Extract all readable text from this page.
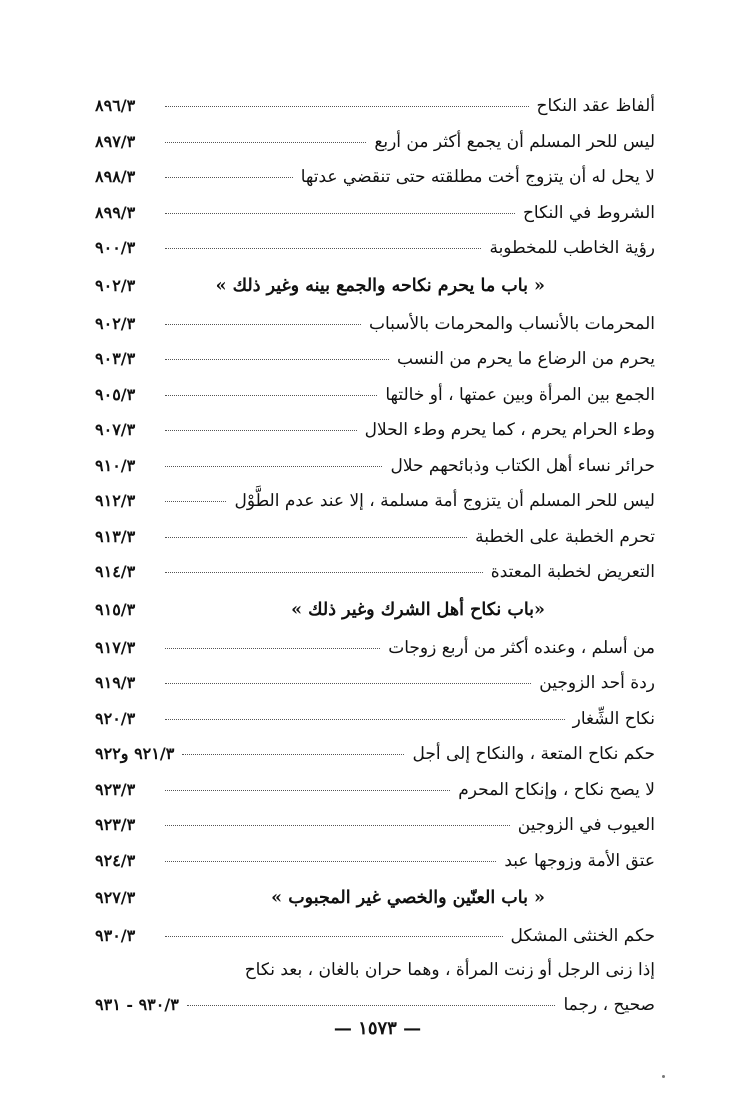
ألفاظ عقد النكاح
٨٩٦/٣
ليس للحر المسلم أن يجمع أكثر من أربع
٨٩٧/٣
لا يحل له أن يتزوج أخت مطلقته حتى تنقضي عدتها
٨٩٨/٣
الشروط في النكاح
٨٩٩/٣
رؤية الخاطب للمخطوبة
٩٠٠/٣
« باب ما يحرم نكاحه والجمع بينه وغير ذلك »
٩٠٢/٣
المحرمات بالأنساب والمحرمات بالأسباب
٩٠٢/٣
يحرم من الرضاع ما يحرم من النسب
٩٠٣/٣
الجمع بين المرأة وبين عمتها ، أو خالتها
٩٠٥/٣
وطء الحرام يحرم ، كما يحرم وطء الحلال
٩٠٧/٣
حرائر نساء أهل الكتاب وذبائحهم حلال
٩١٠/٣
ليس للحر المسلم أن يتزوج أمة مسلمة ، إلا عند عدم الطَّوْل
٩١٢/٣
تحرم الخطبة على الخطبة
٩١٣/٣
التعريض لخطبة المعتدة
٩١٤/٣
«باب نكاح أهل الشرك وغير ذلك »
٩١٥/٣
من أسلم ، وعنده أكثر من أربع زوجات
٩١٧/٣
ردة أحد الزوجين
٩١٩/٣
نكاح الشِّغار
٩٢٠/٣
حكم نكاح المتعة ، والنكاح إلى أجل
٩٢١/٣ و٩٢٢
لا يصح نكاح ، وإنكاح المحرم
٩٢٣/٣
العيوب في الزوجين
٩٢٣/٣
عتق الأمة وزوجها عبد
٩٢٤/٣
« باب العنّين والخصي غير المجبوب »
٩٢٧/٣
حكم الخنثى المشكل
٩٣٠/٣
إذا زنى الرجل أو زنت المرأة ، وهما حران بالغان ، بعد نكاح
صحيح ، رجما
٩٣٠/٣ - ٩٣١
— ١٥٧٣ —
